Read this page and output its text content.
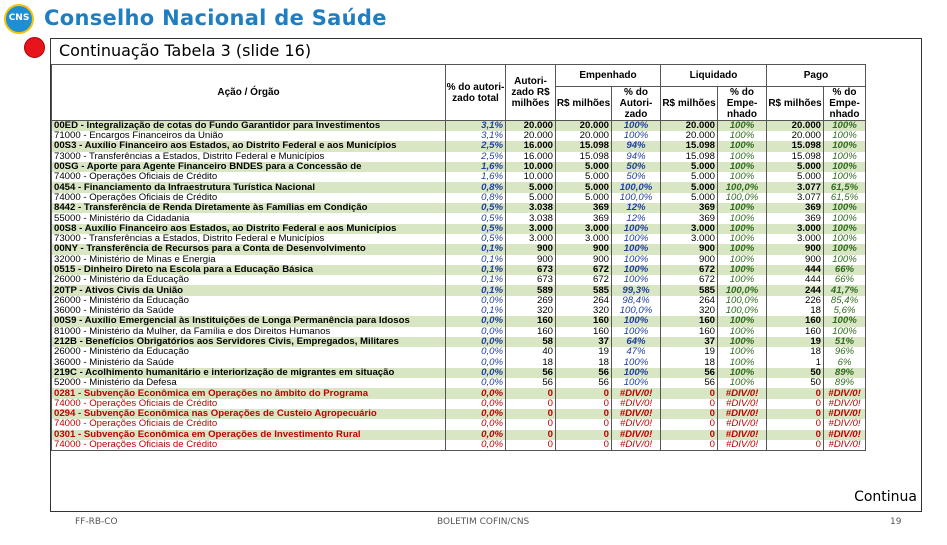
CNS Conselho Nacional de Saúde
Continuação Tabela 3 (slide 16)
Ação / Órgão	% do autori-zado total	Autori-zado R$ milhões	Empenhado		Liquidado		Pago	
			R$ milhões	% do Autori-zado	R$ milhões	% do Empe-nhado	R$ milhões	% do Empe-nhado
00ED - Integralização de cotas do Fundo Garantidor para Investimentos	3,1%	20.000	20.000	100%	20.000	100%	20.000	100%
71000 - Encargos Financeiros da União	3,1%	20.000	20.000	100%	20.000	100%	20.000	100%
00S3 - Auxílio Financeiro aos Estados, ao Distrito Federal e aos Municípios	2,5%	16.000	15.098	94%	15.098	100%	15.098	100%
73000 - Transferências a Estados, Distrito Federal e Municípios	2,5%	16.000	15.098	94%	15.098	100%	15.098	100%
00SG - Aporte para Agente Financeiro BNDES para a Concessão de	1,6%	10.000	5.000	50%	5.000	100%	5.000	100%
74000 - Operações Oficiais de Crédito	1,6%	10.000	5.000	50%	5.000	100%	5.000	100%
0454 - Financiamento da Infraestrutura Turística Nacional	0,8%	5.000	5.000	100,0%	5.000	100,0%	3.077	61,5%
74000 - Operações Oficiais de Crédito	0,8%	5.000	5.000	100,0%	5.000	100,0%	3.077	61,5%
8442 - Transferência de Renda Diretamente às Famílias em Condição	0,5%	3.038	369	12%	369	100%	369	100%
55000 - Ministério da Cidadania	0,5%	3.038	369	12%	369	100%	369	100%
00S8 - Auxílio Financeiro aos Estados, ao Distrito Federal e aos Municípios	0,5%	3.000	3.000	100%	3.000	100%	3.000	100%
73000 - Transferências a Estados, Distrito Federal e Municípios	0,5%	3.000	3.000	100%	3.000	100%	3.000	100%
00NY - Transferência de Recursos para a Conta de Desenvolvimento	0,1%	900	900	100%	900	100%	900	100%
32000 - Ministério de Minas e Energia	0,1%	900	900	100%	900	100%	900	100%
0515 - Dinheiro Direto na Escola para a Educação Básica	0,1%	673	672	100%	672	100%	444	66%
26000 - Ministério da Educação	0,1%	673	672	100%	672	100%	444	66%
20TP - Ativos Civis da União	0,1%	589	585	99,3%	585	100,0%	244	41,7%
26000 - Ministério da Educação	0,0%	269	264	98,4%	264	100,0%	226	85,4%
36000 - Ministério da Saúde	0,1%	320	320	100,0%	320	100,0%	18	5,6%
00S9 - Auxílio Emergencial às Instituições de Longa Permanência para Idosos	0,0%	160	160	100%	160	100%	160	100%
81000 - Ministério da Mulher, da Família e dos Direitos Humanos	0,0%	160	160	100%	160	100%	160	100%
212B - Benefícios Obrigatórios aos Servidores Civis, Empregados, Militares	0,0%	58	37	64%	37	100%	19	51%
26000 - Ministério da Educação	0,0%	40	19	47%	19	100%	18	96%
36000 - Ministério da Saúde	0,0%	18	18	100%	18	100%	1	6%
219C - Acolhimento humanitário e interiorização de migrantes em situação	0,0%	56	56	100%	56	100%	50	89%
52000 - Ministério da Defesa	0,0%	56	56	100%	56	100%	50	89%
0281 - Subvenção Econômica em Operações no âmbito do Programa	0,0%	0	0	#DIV/0!	0	#DIV/0!	0	#DIV/0!
74000 - Operações Oficiais de Crédito	0,0%	0	0	#DIV/0!	0	#DIV/0!	0	#DIV/0!
0294 - Subvenção Econômica nas Operações de Custeio Agropecuário	0,0%	0	0	#DIV/0!	0	#DIV/0!	0	#DIV/0!
74000 - Operações Oficiais de Crédito	0,0%	0	0	#DIV/0!	0	#DIV/0!	0	#DIV/0!
0301 - Subvenção Econômica em Operações de Investimento Rural	0,0%	0	0	#DIV/0!	0	#DIV/0!	0	#DIV/0!
74000 - Operações Oficiais de Crédito	0,0%	0	0	#DIV/0!	0	#DIV/0!	0	#DIV/0!
Continua
FF-RB-CO	BOLETIM COFIN/CNS	19
